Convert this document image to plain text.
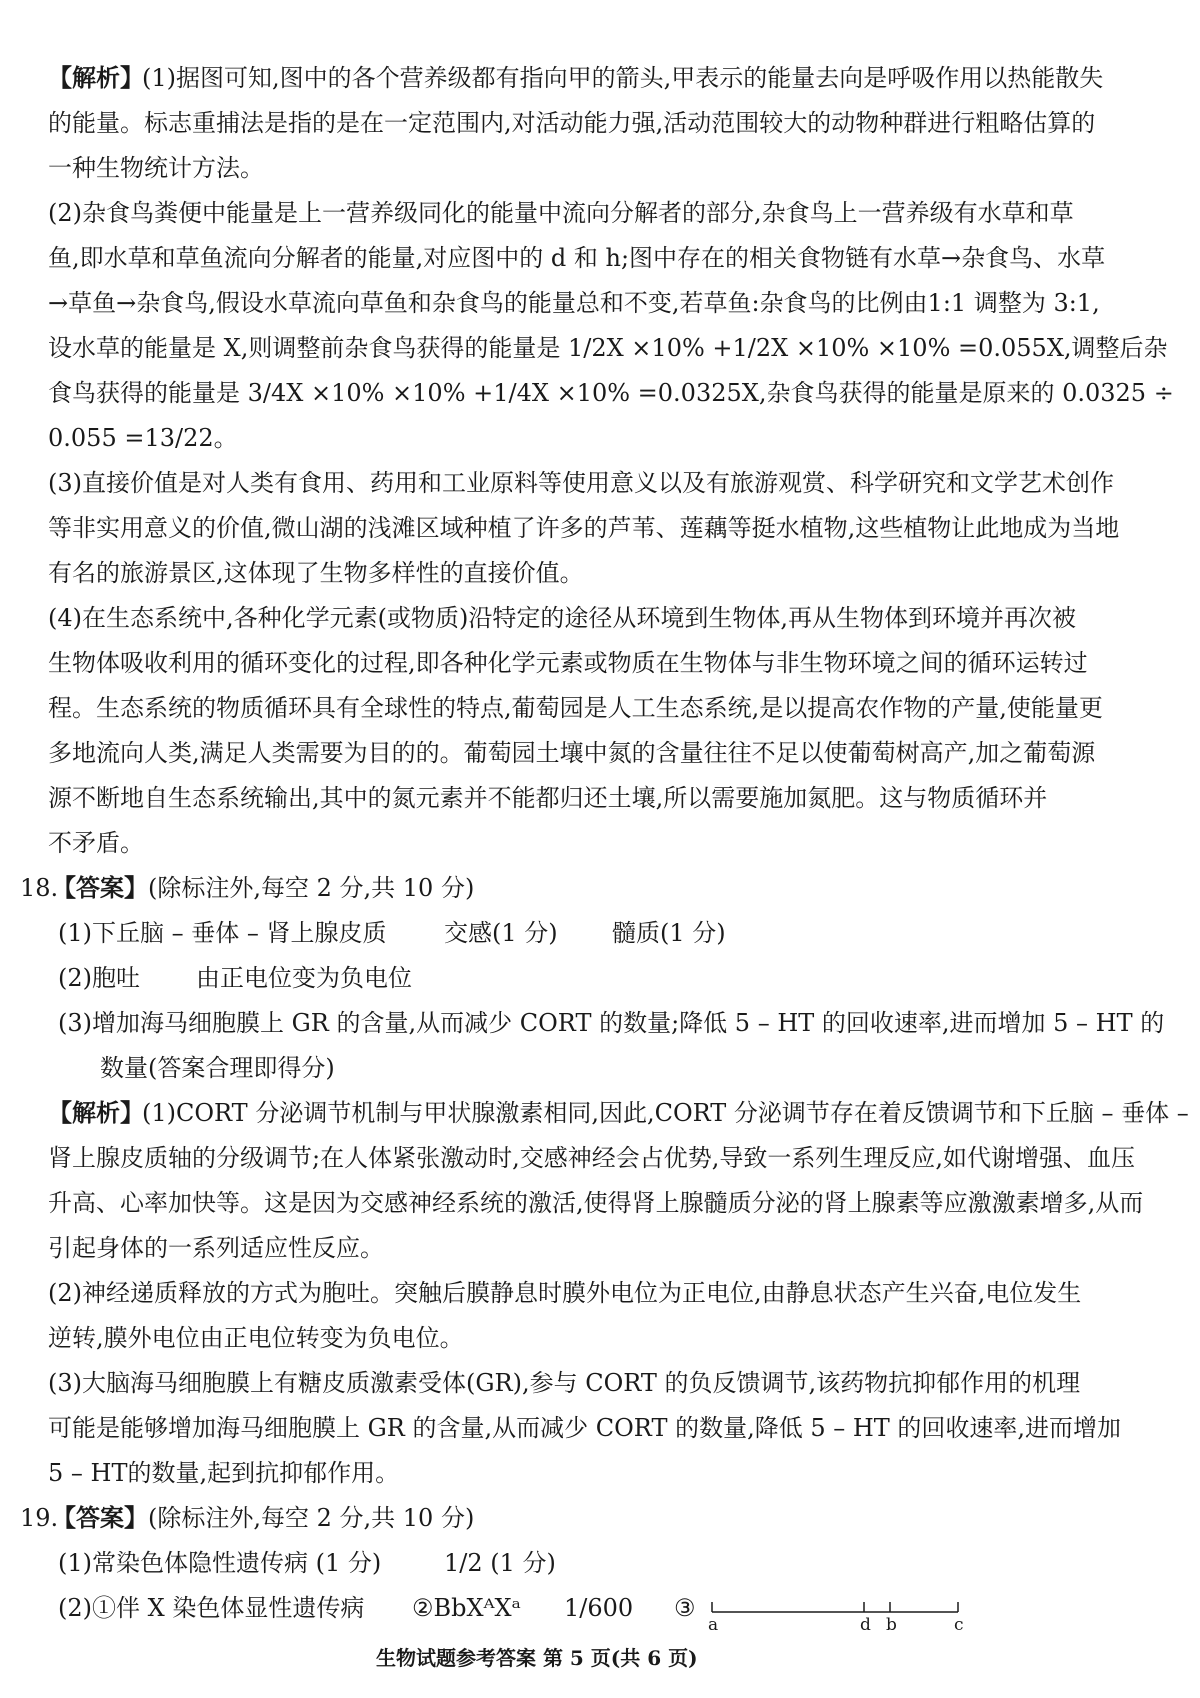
【解析】
(1)据图可知,图中的各个营养级都有指向甲的箭头,甲表示的能量去向是呼吸作用以热能散失
的能量。标志重捕法是指的是在一定范围内,对活动能力强,活动范围较大的动物种群进行粗略估算的
一种生物统计方法。
(2)杂食鸟粪便中能量是上一营养级同化的能量中流向分解者的部分,杂食鸟上一营养级有水草和草
鱼,即水草和草鱼流向分解者的能量,对应图中的 d 和 h;图中存在的相关食物链有水草→杂食鸟、水草
→草鱼→杂食鸟,假设水草流向草鱼和杂食鸟的能量总和不变,若草鱼:杂食鸟的比例由1:1 调整为 3:1,
设水草的能量是 X,则调整前杂食鸟获得的能量是 1/2X ×10% +1/2X ×10% ×10% =0.055X,调整后杂
食鸟获得的能量是 3/4X ×10% ×10% +1/4X ×10% =0.0325X,杂食鸟获得的能量是原来的 0.0325 ÷
0.055 =13/22。
(3)直接价值是对人类有食用、药用和工业原料等使用意义以及有旅游观赏、科学研究和文学艺术创作
等非实用意义的价值,微山湖的浅滩区域种植了许多的芦苇、莲藕等挺水植物,这些植物让此地成为当地
有名的旅游景区,这体现了生物多样性的直接价值。
(4)在生态系统中,各种化学元素(或物质)沿特定的途径从环境到生物体,再从生物体到环境并再次被
生物体吸收利用的循环变化的过程,即各种化学元素或物质在生物体与非生物环境之间的循环运转过
程。生态系统的物质循环具有全球性的特点,葡萄园是人工生态系统,是以提高农作物的产量,使能量更
多地流向人类,满足人类需要为目的的。葡萄园土壤中氮的含量往往不足以使葡萄树高产,加之葡萄源
源不断地自生态系统输出,其中的氮元素并不能都归还土壤,所以需要施加氮肥。这与物质循环并
不矛盾。
18.
【答案】 (除标注外,每空 2 分,共 10 分)
(1)下丘脑 – 垂体 – 肾上腺皮质 交感(1 分) 髓质(1 分)
(2)胞吐 由正电位变为负电位
(3)增加海马细胞膜上 GR 的含量,从而减少 CORT 的数量;降低 5 – HT 的回收速率,进而增加 5 – HT 的
数量(答案合理即得分)
【解析】
(1)CORT 分泌调节机制与甲状腺激素相同,因此,CORT 分泌调节存在着反馈调节和下丘脑 – 垂体 –
肾上腺皮质轴的分级调节;在人体紧张激动时,交感神经会占优势,导致一系列生理反应,如代谢增强、血压
升高、心率加快等。这是因为交感神经系统的激活,使得肾上腺髓质分泌的肾上腺素等应激激素增多,从而
引起身体的一系列适应性反应。
(2)神经递质释放的方式为胞吐。突触后膜静息时膜外电位为正电位,由静息状态产生兴奋,电位发生
逆转,膜外电位由正电位转变为负电位。
(3)大脑海马细胞膜上有糖皮质激素受体(GR),参与 CORT 的负反馈调节,该药物抗抑郁作用的机理
可能是能够增加海马细胞膜上 GR 的含量,从而减少 CORT 的数量,降低 5 – HT 的回收速率,进而增加
5 – HT的数量,起到抗抑郁作用。
19.
【答案】 (除标注外,每空 2 分,共 10 分)
(1)常染色体隐性遗传病 (1 分)	1/2 (1 分)
(2)①伴 X 染色体显性遗传病 ②BbXᴬXᵃ 1/600 ③
a	d b	c
生物试题参考答案 第 5 页(共 6 页)
